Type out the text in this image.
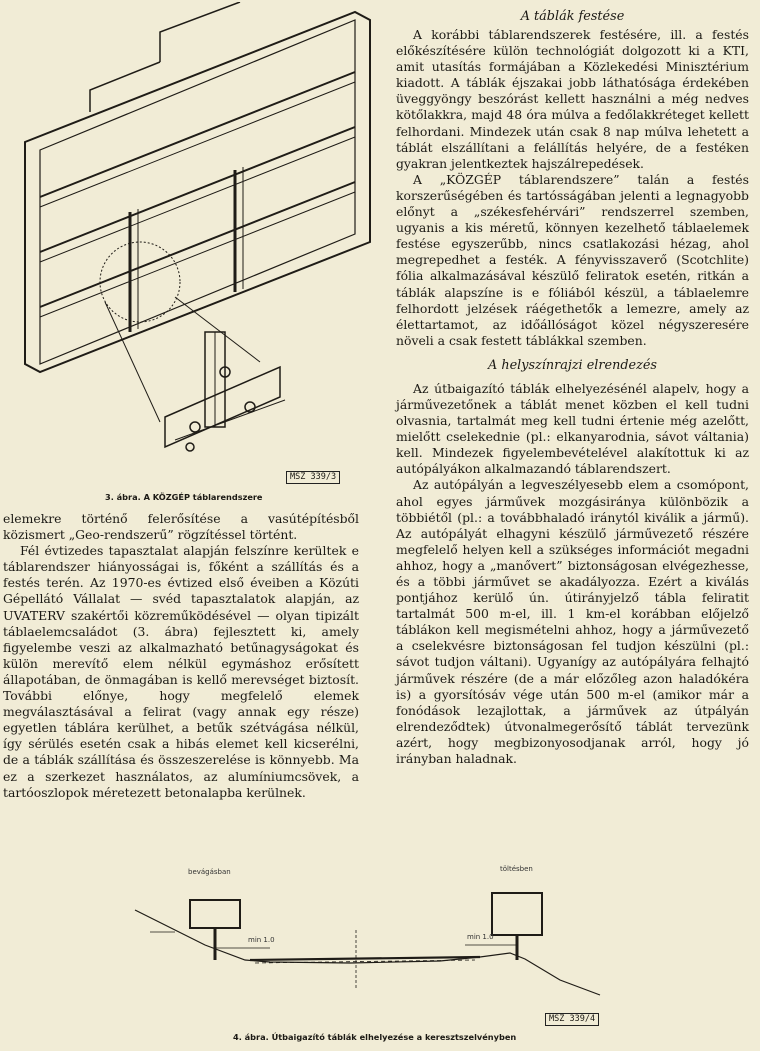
MSZ 339/3
3. ábra. A KÖZGÉP táblarendszere

elemekre történő felerősítése a vasútépítésből közismert „Geo-rendszerű” rögzítéssel történt.

Fél évtizedes tapasztalat alapján felszínre kerültek e táblarendszer hiányosságai is, főként a szállítás és a festés terén. Az 1970-es évtized első éveiben a Közúti Gépellátó Vállalat — svéd tapasztalatok alapján, az UVATERV szakértői közreműködésével — olyan tipizált táblaelemcsaládot (3. ábra) fejlesztett ki, amely figyelembe veszi az alkalmazható betűnagyságokat és külön merevítő elem nélkül egymáshoz erősített állapotában, de önmagában is kellő merevséget biztosít. További előnye, hogy megfelelő elemek megválasztásával a felirat (vagy annak egy része) egyetlen táblára kerülhet, a betűk szétvágása nélkül, így sérülés esetén csak a hibás elemet kell kicserélni, de a táblák szállítása és összeszerelése is könnyebb. Ma ez a szerkezet használatos, az alumíniumcsövek, a tartóoszlopok méretezett betonalapba kerülnek.

A táblák festése

A korábbi táblarendszerek festésére, ill. a festés előkészítésére külön technológiát dolgozott ki a KTI, amit utasítás formájában a Közlekedési Minisztérium kiadott. A táblák éjszakai jobb láthatósága érdekében üveggyöngy beszórást kellett használni a még nedves kötőlakkra, majd 48 óra múlva a fedőlakkréteget kellett felhordani. Mindezek után csak 8 nap múlva lehetett a táblát elszállítani a felállítás helyére, de a festéken gyakran jelentkeztek hajszálrepedések.

A „KÖZGÉP táblarendszere” talán a festés korszerűségében és tartósságában jelenti a legnagyobb előnyt a „székesfehérvári” rendszerrel szemben, ugyanis a kis méretű, könnyen kezelhető táblaelemek festése egyszerűbb, nincs csatlakozási hézag, ahol megrepedhet a festék. A fényvisszaverő (Scotchlite) fólia alkalmazásával készülő feliratok esetén, ritkán a táblák alapszíne is e fóliából készül, a táblaelemre felhordott jelzések ráégethetők a lemezre, amely az élettartamot, az időállóságot közel négyszeresére növeli a csak festett táblákkal szemben.

A helyszínrajzi elrendezés

Az útbaigazító táblák elhelyezésénél alapelv, hogy a járművezetőnek a táblát menet közben el kell tudni olvasnia, tartalmát meg kell tudni értenie még azelőtt, mielőtt cselekednie (pl.: elkanyarodnia, sávot váltania) kell. Mindezek figyelembevételével alakítottuk ki az autópályákon alkalmazandó táblarendszert.

Az autópályán a legveszélyesebb elem a csomópont, ahol egyes járművek mozgásiránya különbözik a többiétől (pl.: a továbbhaladó iránytól kiválik a jármű). Az autópályát elhagyni készülő járművezető részére megfelelő helyen kell a szükséges információt megadni ahhoz, hogy a „manővert” biztonságosan elvégezhesse, és a többi járművet se akadályozza. Ezért a kiválás pontjához kerülő ún. útirányjelző tábla feliratit tartalmát 500 m-el, ill. 1 km-el korábban előjelző táblákon kell megismételni ahhoz, hogy a járművezető a cselekvésre biztonságosan fel tudjon készülni (pl.: sávot tudjon váltani). Ugyanígy az autópályára felhajtó járművek részére (de a már előzőleg azon haladókéra is) a gyorsítósáv vége után 500 m-el (amikor már a fonódások lezajlottak, a járművek az útpályán elrendeződtek) útvonalmegerősítő táblát tervezünk azért, hogy megbizonyosodjanak arról, hogy jó irányban haladnak.

bevágásban	töltésben
min 1.0	min 1.0
MSZ 339/4
4. ábra. Útbaigazító táblák elhelyezése a keresztszelvényben
